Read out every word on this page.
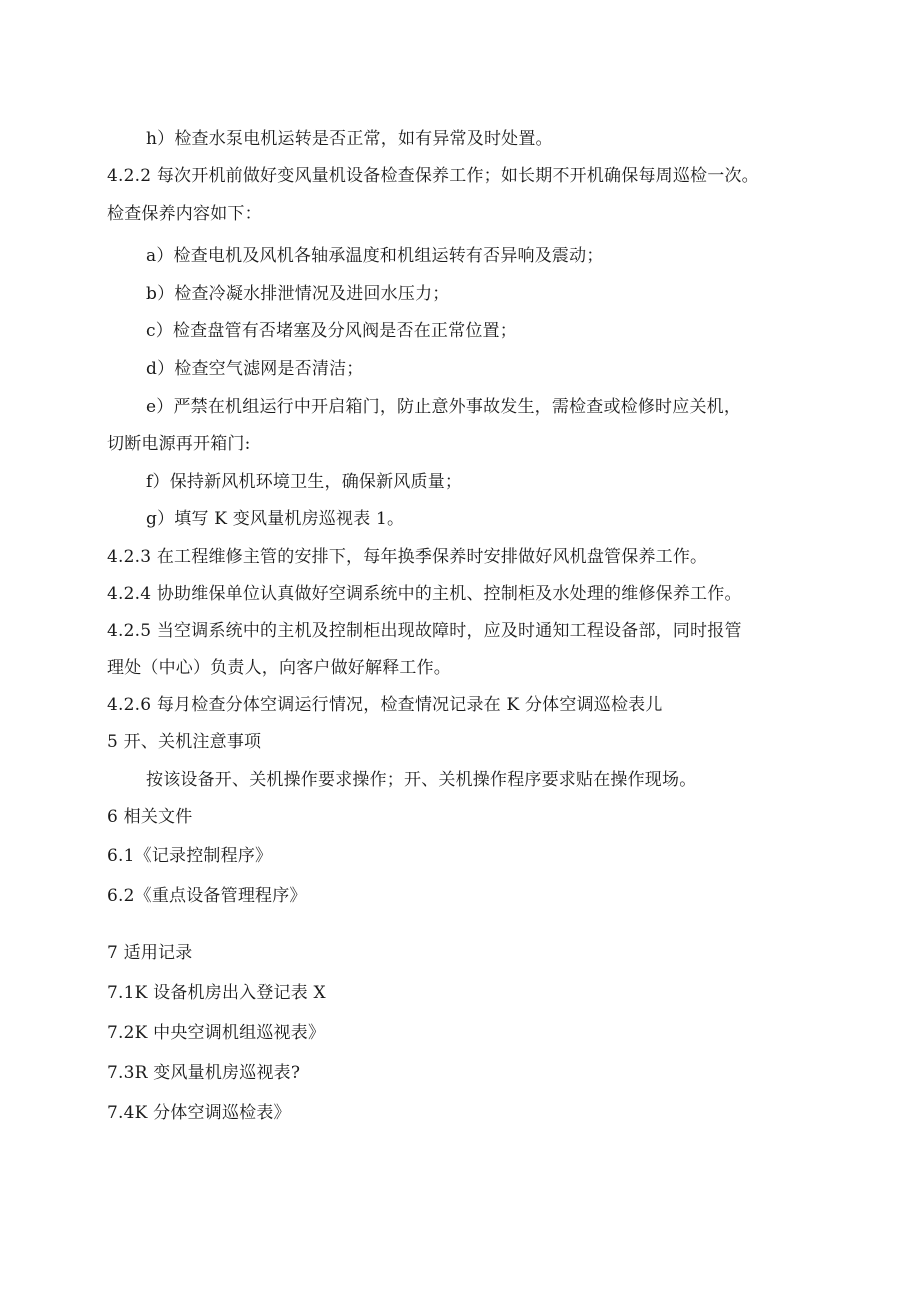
h）检查水泵电机运转是否正常，如有异常及时处置。
4.2.2 每次开机前做好变风量机设备检查保养工作；如长期不开机确保每周巡检一次。
检查保养内容如下：
a）检查电机及风机各轴承温度和机组运转有否异响及震动；
b）检查冷凝水排泄情况及进回水压力；
c）检查盘管有否堵塞及分风阀是否在正常位置；
d）检查空气滤网是否清洁；
e）严禁在机组运行中开启箱门，防止意外事故发生，需检查或检修时应关机，
切断电源再开箱门:
f）保持新风机环境卫生，确保新风质量；
g）填写 K 变风量机房巡视表 1。
4.2.3 在工程维修主管的安排下，每年换季保养时安排做好风机盘管保养工作。
4.2.4 协助维保单位认真做好空调系统中的主机、控制柜及水处理的维修保养工作。
4.2.5 当空调系统中的主机及控制柜出现故障时，应及时通知工程设备部，同时报管
理处（中心）负责人，向客户做好解释工作。
4.2.6 每月检查分体空调运行情况，检查情况记录在 K 分体空调巡检表儿
5 开、关机注意事项
按该设备开、关机操作要求操作；开、关机操作程序要求贴在操作现场。
6 相关文件
6.1《记录控制程序》
6.2《重点设备管理程序》
7 适用记录
7.1K 设备机房出入登记表 X
7.2K 中央空调机组巡视表》
7.3R 变风量机房巡视表?
7.4K 分体空调巡检表》
